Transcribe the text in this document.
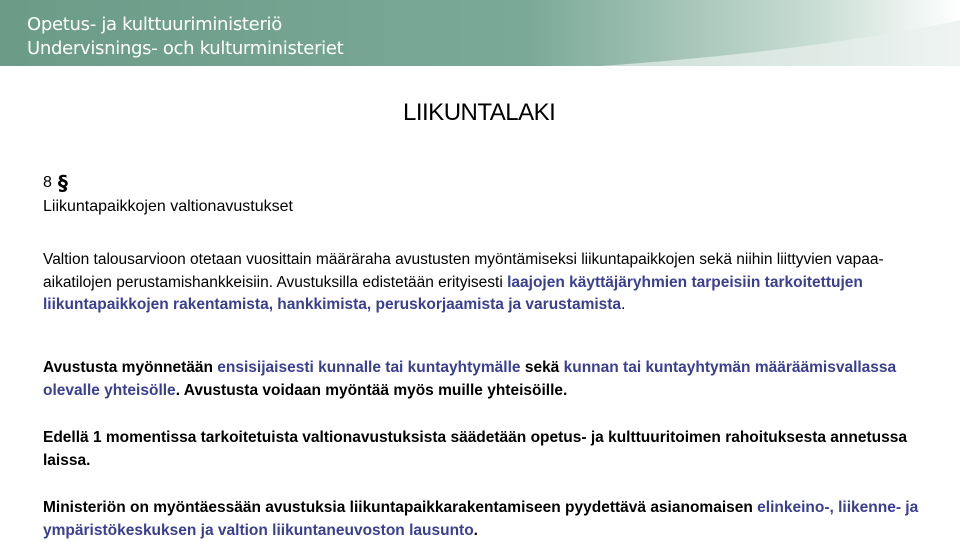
Opetus- ja kulttuuriministeriö
Undervisnings- och kulturministeriet
LIIKUNTALAKI
8 §
Liikuntapaikkojen valtionavustukset

Valtion talousarvioon otetaan vuosittain määräraha avustusten myöntämiseksi liikuntapaikkojen sekä niihin liittyvien vapaa-aikatilojen perustamishankkeisiin. Avustuksilla edistetään erityisesti laajojen käyttäjäryhmien tarpeisiin tarkoitettujen liikuntapaikkojen rakentamista, hankkimista, peruskorjaamista ja varustamista.

Avustusta myönnetään ensisijaisesti kunnalle tai kuntayhtymälle sekä kunnan tai kuntayhtymän määräämisvallassa olevalle yhteisölle. Avustusta voidaan myöntää myös muille yhteisöille.

Edellä 1 momentissa tarkoitetuista valtionavustuksista säädetään opetus- ja kulttuuritoimen rahoituksesta annetussa laissa.

Ministeriön on myöntäessään avustuksia liikuntapaikkarakentamiseen pyydettävä asianomaisen elinkeino-, liikenne- ja ympäristökeskuksen ja valtion liikuntaneuvoston lausunto.
